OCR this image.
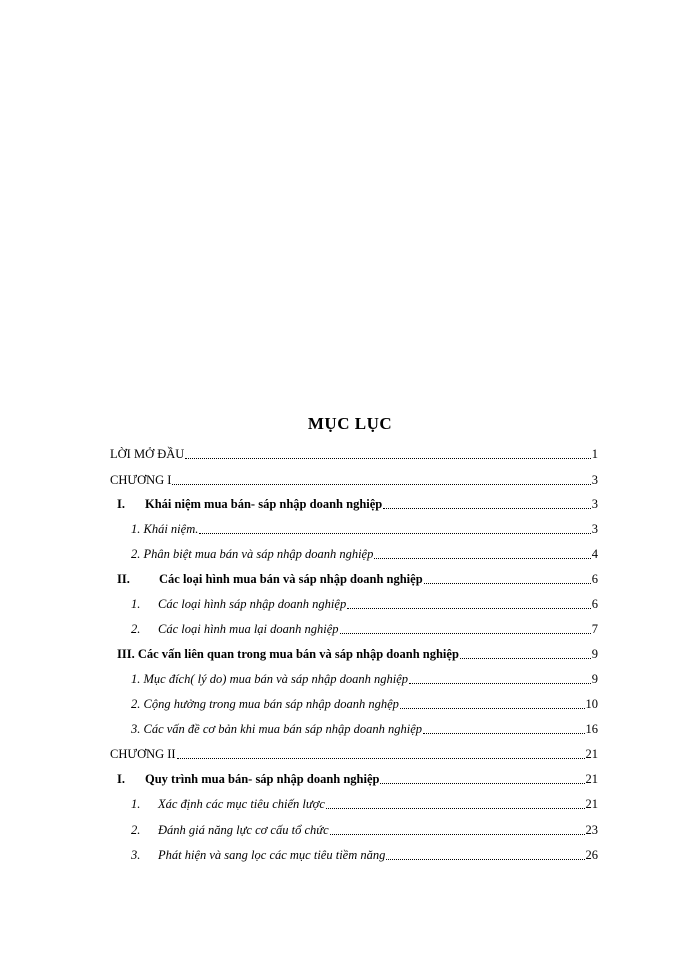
MỤC LỤC
LỜI MỞ ĐẦU	1
CHƯƠNG I	3
I.	Khái niệm mua bán- sáp nhập doanh nghiệp	3
1. Khái niệm.	3
2. Phân biệt mua bán và sáp nhập doanh nghiệp	4
II.	Các loại hình mua bán và sáp nhập doanh nghiệp	6
1.	Các loại hình sáp nhập doanh nghiệp	6
2.	Các loại hình mua lại doanh nghiệp	7
III. Các vấn liên quan trong mua bán và sáp nhập doanh nghiệp	9
1. Mục đích( lý do) mua bán và sáp nhập doanh nghiệp	9
2. Cộng hưởng trong mua bán sáp nhập doanh nghệp	10
3. Các vấn đề cơ bản khi mua bán sáp nhập doanh nghiệp	16
CHƯƠNG II	21
I.	Quy trình mua bán- sáp nhập doanh nghiệp	21
1.	Xác định các mục tiêu chiến lược	21
2.	Đánh giá năng lực cơ cấu tổ chức	23
3.	Phát hiện và sang lọc các mục tiêu tiềm năng	26
